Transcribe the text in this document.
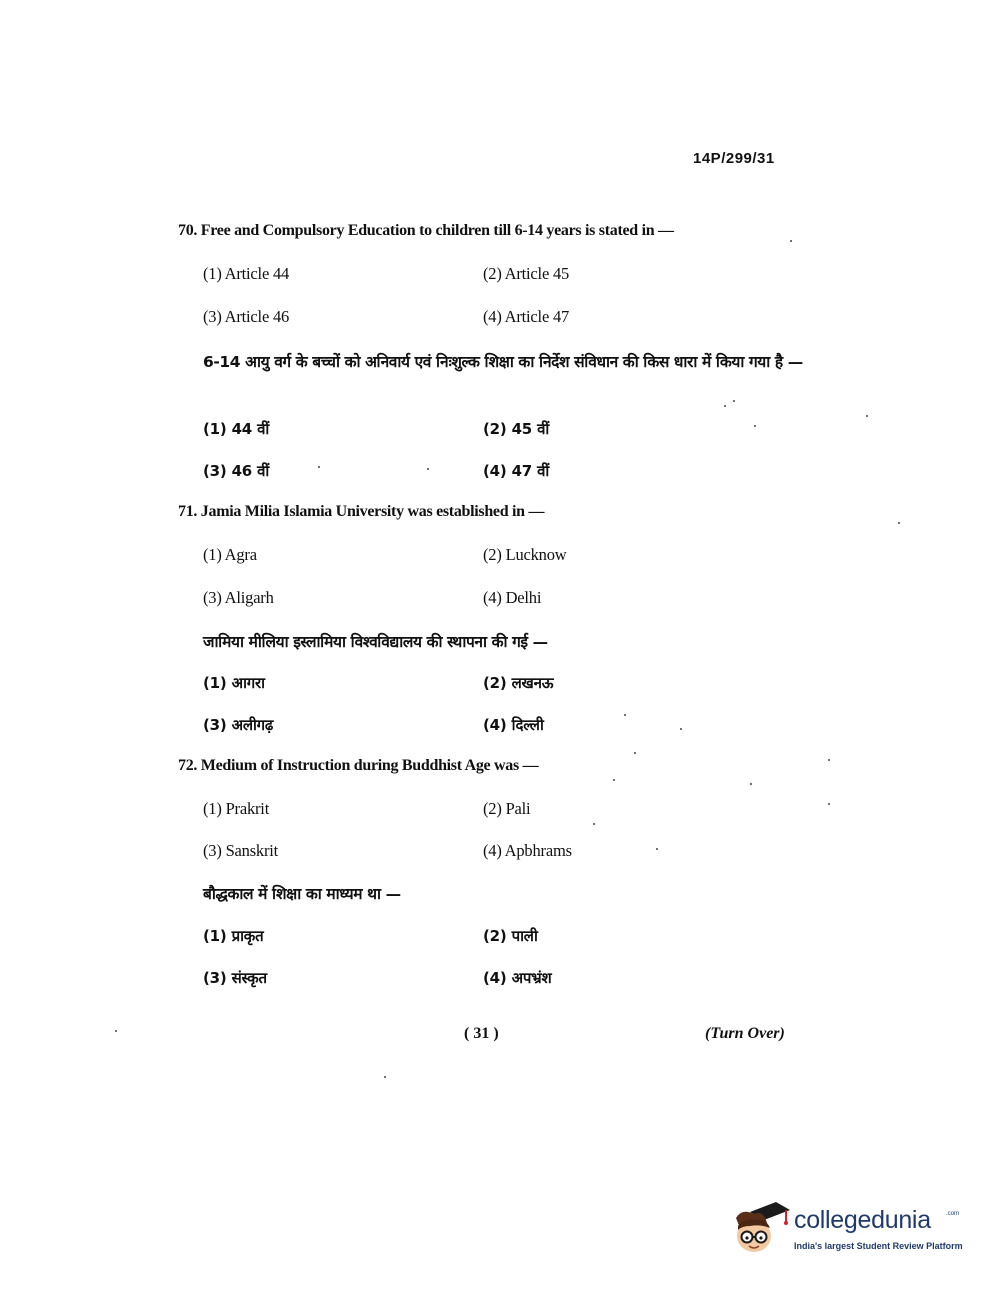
14P/299/31
70. Free and Compulsory Education to children till 6-14 years is stated in —
(1) Article 44	(2) Article 45
(3) Article 46	(4) Article 47
6-14 आयु वर्ग के बच्चों को अनिवार्य एवं निःशुल्क शिक्षा का निर्देश संविधान की किस धारा में किया गया है —
(1) 44 वीं	(2) 45 वीं
(3) 46 वीं	(4) 47 वीं
71. Jamia Milia Islamia University was established in —
(1) Agra	(2) Lucknow
(3) Aligarh	(4) Delhi
जामिया मीलिया इस्लामिया विश्वविद्यालय की स्थापना की गई —
(1) आगरा	(2) लखनऊ
(3) अलीगढ़	(4) दिल्ली
72. Medium of Instruction during Buddhist Age was —
(1) Prakrit	(2) Pali
(3) Sanskrit	(4) Apbhrams
बौद्धकाल में शिक्षा का माध्यम था —
(1) प्राकृत	(2) पाली
(3) संस्कृत	(4) अपभ्रंश
( 31 )	(Turn Over)
collegedunia	.com
India's largest Student Review Platform
